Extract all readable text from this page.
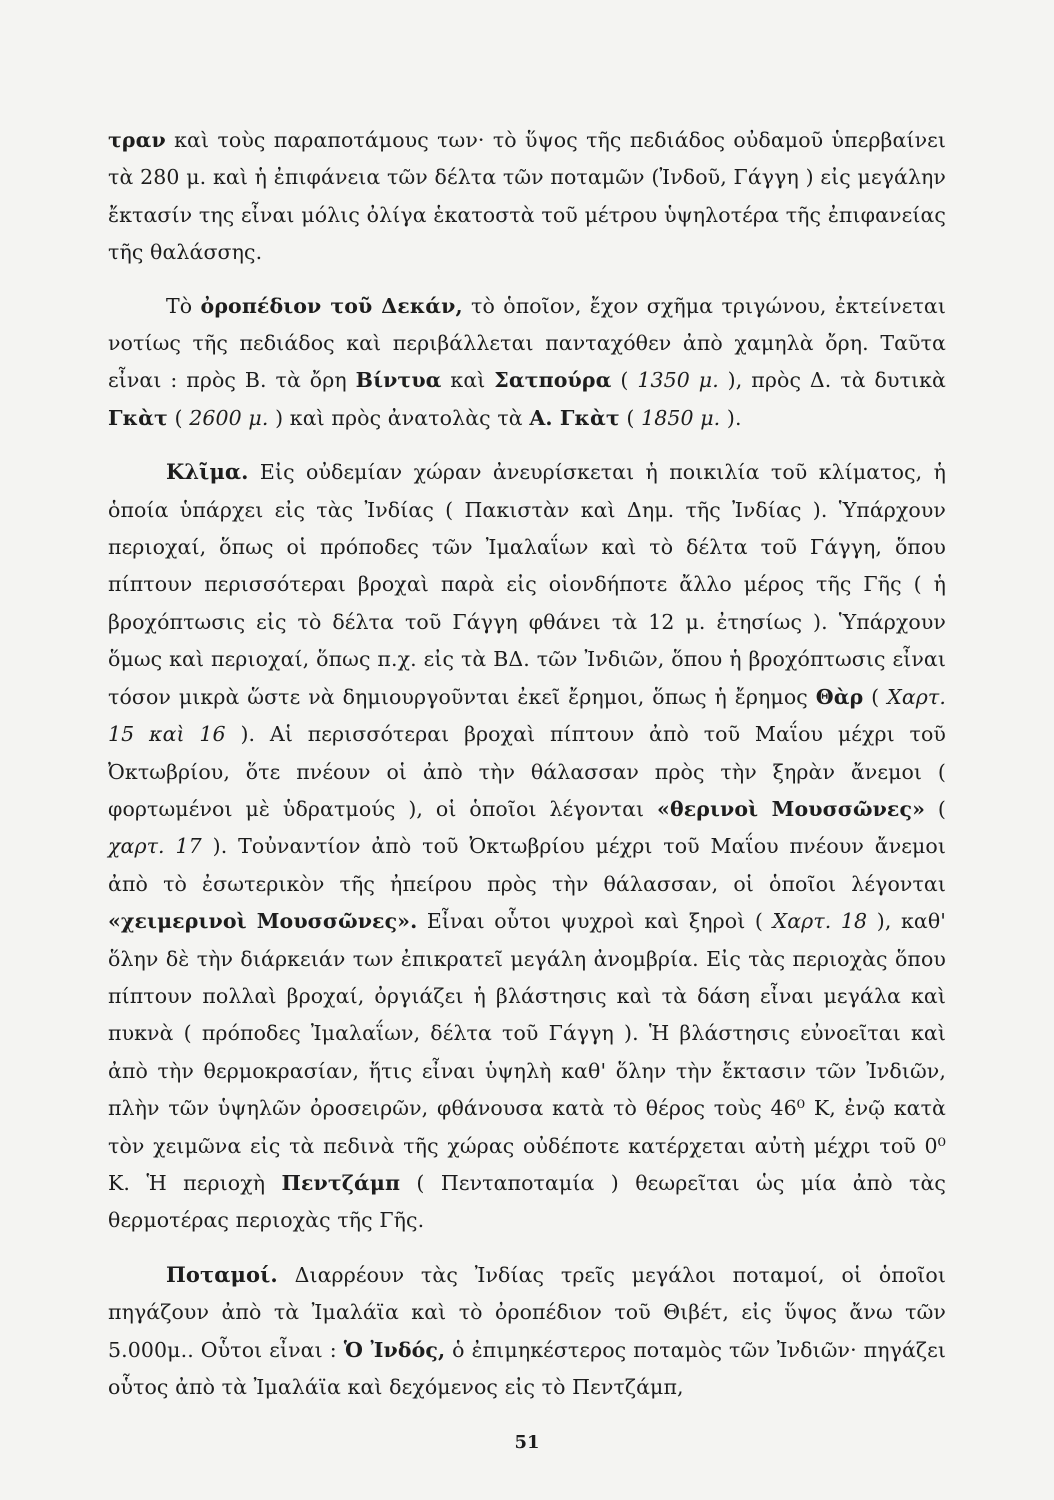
τραν καὶ τοὺς παραποτάμους των· τὸ ὕψος τῆς πεδιάδος οὐδαμοῦ ὑπερβαίνει τὰ 280 μ. καὶ ἡ ἐπιφάνεια τῶν δέλτα τῶν ποταμῶν (Ἰνδοῦ, Γάγγη ) εἰς μεγάλην ἔκτασίν της εἶναι μόλις ὀλίγα ἑκατοστὰ τοῦ μέτρου ὑψηλοτέρα τῆς ἐπιφανείας τῆς θαλάσσης.

Τὸ ὀροπέδιον τοῦ Δεκάν, τὸ ὁποῖον, ἔχον σχῆμα τριγώνου, ἐκτείνεται νοτίως τῆς πεδιάδος καὶ περιβάλλεται πανταχόθεν ἀπὸ χαμηλὰ ὄρη. Ταῦτα εἶναι : πρὸς Β. τὰ ὄρη Βίντυα καὶ Σατπούρα ( 1350 μ. ), πρὸς Δ. τὰ δυτικὰ Γκὰτ ( 2600 μ. ) καὶ πρὸς ἀνατολὰς τὰ Α. Γκὰτ ( 1850 μ. ).

Κλῖμα. Εἰς οὐδεμίαν χώραν ἀνευρίσκεται ἡ ποικιλία τοῦ κλίματος, ἡ ὁποία ὑπάρχει εἰς τὰς Ἰνδίας ( Πακιστὰν καὶ Δημ. τῆς Ἰνδίας ). Ὑπάρχουν περιοχαί, ὅπως οἱ πρόποδες τῶν Ἰμαλαΐων καὶ τὸ δέλτα τοῦ Γάγγη, ὅπου πίπτουν περισσότεραι βροχαὶ παρὰ εἰς οἱονδήποτε ἄλλο μέρος τῆς Γῆς ( ἡ βροχόπτωσις εἰς τὸ δέλτα τοῦ Γάγγη φθάνει τὰ 12 μ. ἐτησίως ). Ὑπάρχουν ὅμως καὶ περιοχαί, ὅπως π.χ. εἰς τὰ ΒΔ. τῶν Ἰνδιῶν, ὅπου ἡ βροχόπτωσις εἶναι τόσον μικρὰ ὥστε νὰ δημιουργοῦνται ἐκεῖ ἔρημοι, ὅπως ἡ ἔρημος Θὰρ ( Χαρτ. 15 καὶ 16 ). Αἱ περισσότεραι βροχαὶ πίπτουν ἀπὸ τοῦ Μαΐου μέχρι τοῦ Ὀκτωβρίου, ὅτε πνέουν οἱ ἀπὸ τὴν θάλασσαν πρὸς τὴν ξηρὰν ἄνεμοι ( φορτωμένοι μὲ ὑδρατμούς ), οἱ ὁποῖοι λέγονται «θερινοὶ Μουσσῶνες» ( χαρτ. 17 ). Τοὐναντίον ἀπὸ τοῦ Ὀκτωβρίου μέχρι τοῦ Μαΐου πνέουν ἄνεμοι ἀπὸ τὸ ἐσωτερικὸν τῆς ἠπείρου πρὸς τὴν θάλασσαν, οἱ ὁποῖοι λέγονται «χειμερινοὶ Μουσσῶνες». Εἶναι οὗτοι ψυχροὶ καὶ ξηροὶ ( Χαρτ. 18 ), καθ' ὅλην δὲ τὴν διάρκειάν των ἐπικρατεῖ μεγάλη ἀνομβρία. Εἰς τὰς περιοχὰς ὅπου πίπτουν πολλαὶ βροχαί, ὀργιάζει ἡ βλάστησις καὶ τὰ δάση εἶναι μεγάλα καὶ πυκνὰ ( πρόποδες Ἰμαλαΐων, δέλτα τοῦ Γάγγη ). Ἡ βλάστησις εὐνοεῖται καὶ ἀπὸ τὴν θερμοκρασίαν, ἥτις εἶναι ὑψηλὴ καθ' ὅλην τὴν ἔκτασιν τῶν Ἰνδιῶν, πλὴν τῶν ὑψηλῶν ὀροσειρῶν, φθάνουσα κατὰ τὸ θέρος τοὺς 46⁰ Κ, ἐνῷ κατὰ τὸν χειμῶνα εἰς τὰ πεδινὰ τῆς χώρας οὐδέποτε κατέρχεται αὐτὴ μέχρι τοῦ 0⁰ Κ. Ἡ περιοχὴ Πεντζάμπ ( Πενταποταμία ) θεωρεῖται ὡς μία ἀπὸ τὰς θερμοτέρας περιοχὰς τῆς Γῆς.

Ποταμοί. Διαρρέουν τὰς Ἰνδίας τρεῖς μεγάλοι ποταμοί, οἱ ὁποῖοι πηγάζουν ἀπὸ τὰ Ἰμαλάϊα καὶ τὸ ὀροπέδιον τοῦ Θιβέτ, εἰς ὕψος ἄνω τῶν 5.000μ.. Οὗτοι εἶναι : Ὁ Ἰνδός, ὁ ἐπιμηκέστερος ποταμὸς τῶν Ἰνδιῶν· πηγάζει οὗτος ἀπὸ τὰ Ἰμαλάϊα καὶ δεχόμενος εἰς τὸ Πεντζάμπ,

51
